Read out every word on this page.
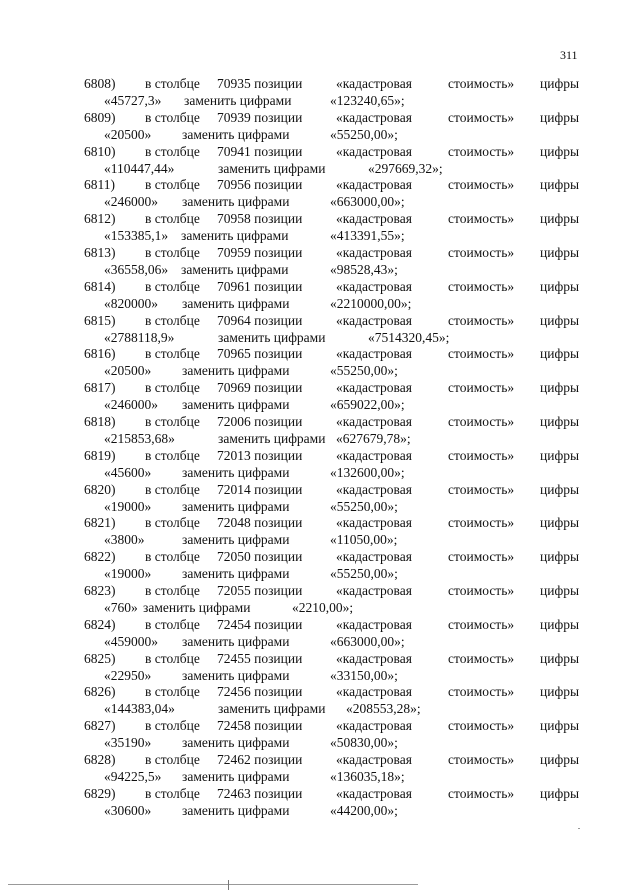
311
6808) в столбце 70935 позиции «кадастровая	стоимость» цифры
«45727,3» заменить цифрами	«123240,65»;
6809) в столбце 70939 позиции «кадастровая	стоимость» цифры
«20500» заменить цифрами	«55250,00»;
6810) в столбце 70941 позиции «кадастровая	стоимость» цифры
«110447,44»	заменить цифрами	«297669,32»;
6811) в столбце 70956 позиции «кадастровая	стоимость» цифры
«246000» заменить цифрами	«663000,00»;
6812) в столбце 70958 позиции «кадастровая	стоимость» цифры
«153385,1» заменить цифрами	«413391,55»;
6813) в столбце 70959 позиции «кадастровая	стоимость» цифры
«36558,06» заменить цифрами	«98528,43»;
6814) в столбце 70961 позиции «кадастровая	стоимость» цифры
«820000» заменить цифрами	«2210000,00»;
6815) в столбце 70964 позиции «кадастровая	стоимость» цифры
«2788118,9»	заменить цифрами	«7514320,45»;
6816) в столбце 70965 позиции «кадастровая	стоимость» цифры
«20500» заменить цифрами	«55250,00»;
6817) в столбце 70969 позиции «кадастровая	стоимость» цифры
«246000» заменить цифрами	«659022,00»;
6818) в столбце 72006 позиции «кадастровая	стоимость» цифры
«215853,68»	заменить цифрами «627679,78»;
6819) в столбце 72013 позиции «кадастровая	стоимость» цифры
«45600» заменить цифрами	«132600,00»;
6820) в столбце 72014 позиции «кадастровая	стоимость» цифры
«19000» заменить цифрами	«55250,00»;
6821) в столбце 72048 позиции «кадастровая	стоимость» цифры
«3800»	заменить цифрами	«11050,00»;
6822) в столбце 72050 позиции «кадастровая	стоимость» цифры
«19000» заменить цифрами	«55250,00»;
6823) в столбце 72055 позиции «кадастровая	стоимость» цифры
«760» заменить цифрами	«2210,00»;
6824) в столбце 72454 позиции «кадастровая	стоимость» цифры
«459000» заменить цифрами	«663000,00»;
6825) в столбце 72455 позиции «кадастровая	стоимость» цифры
«22950» заменить цифрами	«33150,00»;
6826) в столбце 72456 позиции «кадастровая	стоимость» цифры
«144383,04»	заменить цифрами «208553,28»;
6827) в столбце 72458 позиции «кадастровая	стоимость» цифры
«35190» заменить цифрами	«50830,00»;
6828) в столбце 72462 позиции «кадастровая	стоимость» цифры
«94225,5» заменить цифрами	«136035,18»;
6829) в столбце 72463 позиции «кадастровая	стоимость» цифры
«30600» заменить цифрами	«44200,00»;
